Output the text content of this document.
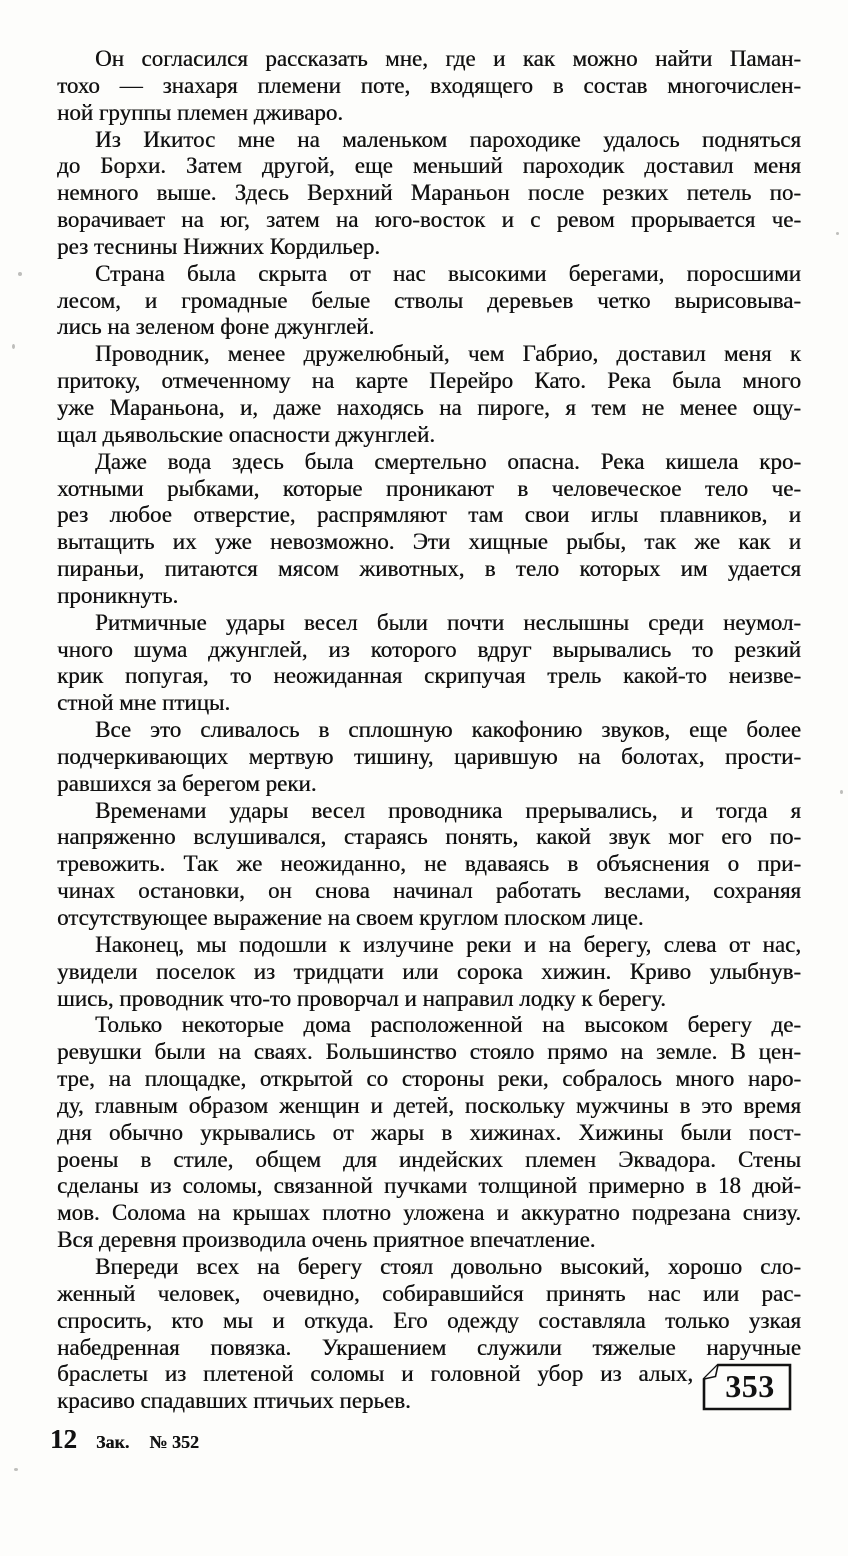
Он согласился рассказать мне, где и как можно найти Паман-
тохо — знахаря племени поте, входящего в состав многочислен-
ной группы племен дживаро.
Из Икитос мне на маленьком пароходике удалось подняться
до Борхи. Затем другой, еще меньший пароходик доставил меня
немного выше. Здесь Верхний Мараньон после резких петель по-
ворачивает на юг, затем на юго-восток и с ревом прорывается че-
рез теснины Нижних Кордильер.
Страна была скрыта от нас высокими берегами, поросшими
лесом, и громадные белые стволы деревьев четко вырисовыва-
лись на зеленом фоне джунглей.
Проводник, менее дружелюбный, чем Габрио, доставил меня к
притоку, отмеченному на карте Перейро Като. Река была много
уже Мараньона, и, даже находясь на пироге, я тем не менее ощу-
щал дьявольские опасности джунглей.
Даже вода здесь была смертельно опасна. Река кишела кро-
хотными рыбками, которые проникают в человеческое тело че-
рез любое отверстие, распрямляют там свои иглы плавников, и
вытащить их уже невозможно. Эти хищные рыбы, так же как и
пираньи, питаются мясом животных, в тело которых им удается
проникнуть.
Ритмичные удары весел были почти неслышны среди неумол-
чного шума джунглей, из которого вдруг вырывались то резкий
крик попугая, то неожиданная скрипучая трель какой-то неизве-
стной мне птицы.
Все это сливалось в сплошную какофонию звуков, еще более
подчеркивающих мертвую тишину, царившую на болотах, прости-
равшихся за берегом реки.
Временами удары весел проводника прерывались, и тогда я
напряженно вслушивался, стараясь понять, какой звук мог его по-
тревожить. Так же неожиданно, не вдаваясь в объяснения о при-
чинах остановки, он снова начинал работать веслами, сохраняя
отсутствующее выражение на своем круглом плоском лице.
Наконец, мы подошли к излучине реки и на берегу, слева от нас,
увидели поселок из тридцати или сорока хижин. Криво улыбнув-
шись, проводник что-то проворчал и направил лодку к берегу.
Только некоторые дома расположенной на высоком берегу де-
ревушки были на сваях. Большинство стояло прямо на земле. В цен-
тре, на площадке, открытой со стороны реки, собралось много наро-
ду, главным образом женщин и детей, поскольку мужчины в это время
дня обычно укрывались от жары в хижинах. Хижины были пост-
роены в стиле, общем для индейских племен Эквадора. Стены
сделаны из соломы, связанной пучками толщиной примерно в 18 дюй-
мов. Солома на крышах плотно уложена и аккуратно подрезана снизу.
Вся деревня производила очень приятное впечатление.
Впереди всех на берегу стоял довольно высокий, хорошо сло-
женный человек, очевидно, собиравшийся принять нас или рас-
спросить, кто мы и откуда. Его одежду составляла только узкая
набедренная повязка. Украшением служили тяжелые наручные
браслеты из плетеной соломы и головной убор из алых,
красиво спадавших птичьих перьев.	353
12 Зак. № 352
